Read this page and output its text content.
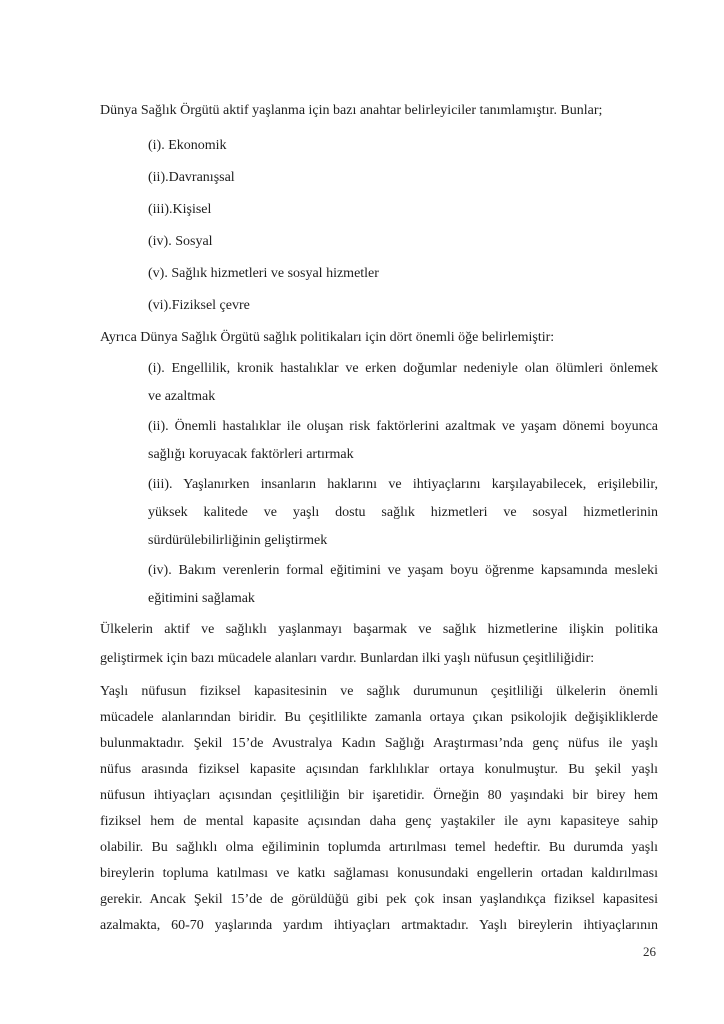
Dünya Sağlık Örgütü aktif yaşlanma için bazı anahtar belirleyiciler tanımlamıştır. Bunlar;
(i). Ekonomik
(ii).Davranışsal
(iii).Kişisel
(iv). Sosyal
(v). Sağlık hizmetleri ve sosyal hizmetler
(vi).Fiziksel çevre
Ayrıca Dünya Sağlık Örgütü sağlık politikaları için dört önemli öğe belirlemiştir:
(i). Engellilik, kronik hastalıklar ve erken doğumlar nedeniyle olan ölümleri önlemek
ve azaltmak
(ii). Önemli hastalıklar ile oluşan risk faktörlerini azaltmak ve yaşam dönemi boyunca
sağlığı koruyacak faktörleri artırmak
(iii). Yaşlanırken insanların haklarını ve ihtiyaçlarını karşılayabilecek, erişilebilir,
yüksek kalitede ve yaşlı dostu sağlık hizmetleri ve sosyal hizmetlerinin
sürdürülebilirliğinin geliştirmek
(iv). Bakım verenlerin formal eğitimini ve yaşam boyu öğrenme kapsamında mesleki
eğitimini sağlamak
Ülkelerin aktif ve sağlıklı yaşlanmayı başarmak ve sağlık hizmetlerine ilişkin politika
geliştirmek için bazı mücadele alanları vardır. Bunlardan ilki yaşlı nüfusun çeşitliliğidir:
Yaşlı nüfusun fiziksel kapasitesinin ve sağlık durumunun çeşitliliği ülkelerin önemli
mücadele alanlarından biridir. Bu çeşitlilikte zamanla ortaya çıkan psikolojik değişikliklerde
bulunmaktadır. Şekil 15’de Avustralya Kadın Sağlığı Araştırması’nda genç nüfus ile yaşlı
nüfus arasında fiziksel kapasite açısından farklılıklar ortaya konulmuştur. Bu şekil yaşlı
nüfusun ihtiyaçları açısından çeşitliliğin bir işaretidir. Örneğin 80 yaşındaki bir birey hem
fiziksel hem de mental kapasite açısından daha genç yaştakiler ile aynı kapasiteye sahip
olabilir. Bu sağlıklı olma eğiliminin toplumda artırılması temel hedeftir. Bu durumda yaşlı
bireylerin topluma katılması ve katkı sağlaması konusundaki engellerin ortadan kaldırılması
gerekir. Ancak Şekil 15’de de görüldüğü gibi pek çok insan yaşlandıkça fiziksel kapasitesi
azalmakta, 60-70 yaşlarında yardım ihtiyaçları artmaktadır. Yaşlı bireylerin ihtiyaçlarının
26
